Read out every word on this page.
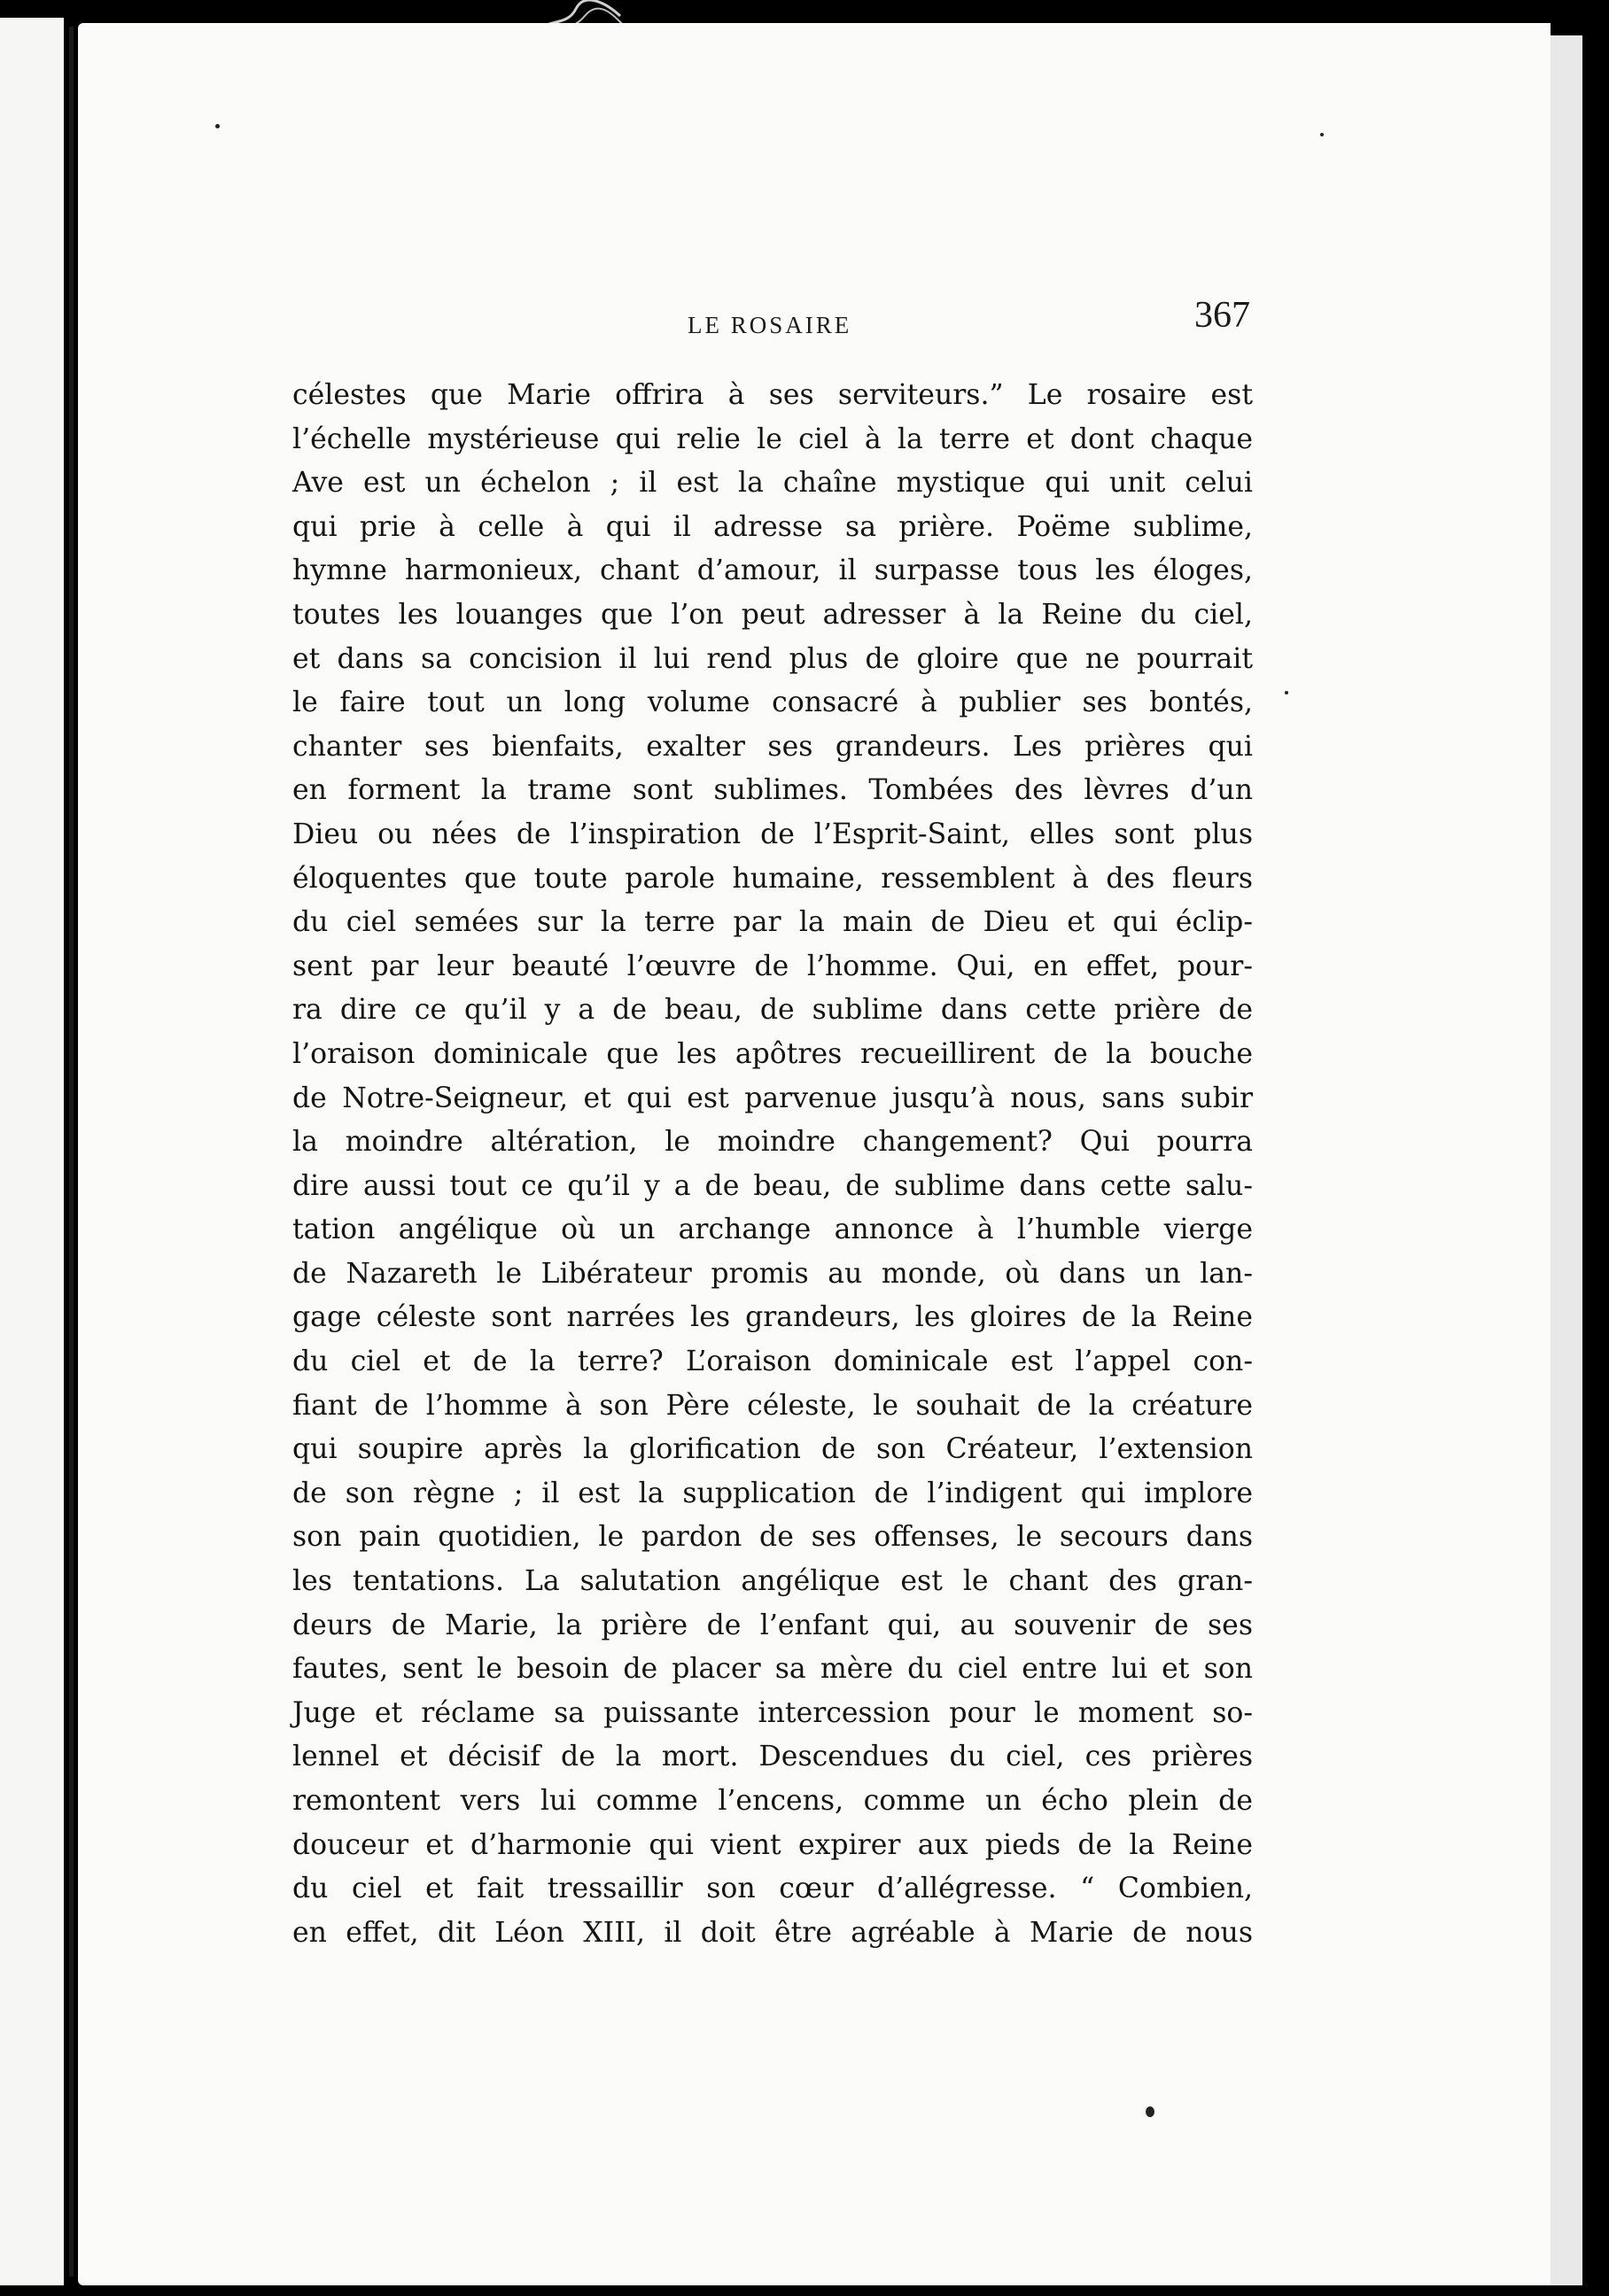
LE ROSAIRE	367
célestes que Marie offrira à ses serviteurs.” Le rosaire est
l’échelle mystérieuse qui relie le ciel à la terre et dont chaque
Ave est un échelon ; il est la chaîne mystique qui unit celui
qui prie à celle à qui il adresse sa prière. Poëme sublime,
hymne harmonieux, chant d’amour, il surpasse tous les éloges,
toutes les louanges que l’on peut adresser à la Reine du ciel,
et dans sa concision il lui rend plus de gloire que ne pourrait
le faire tout un long volume consacré à publier ses bontés,
chanter ses bienfaits, exalter ses grandeurs. Les prières qui
en forment la trame sont sublimes. Tombées des lèvres d’un
Dieu ou nées de l’inspiration de l’Esprit-Saint, elles sont plus
éloquentes que toute parole humaine, ressemblent à des fleurs
du ciel semées sur la terre par la main de Dieu et qui éclip-
sent par leur beauté l’œuvre de l’homme. Qui, en effet, pour-
ra dire ce qu’il y a de beau, de sublime dans cette prière de
l’oraison dominicale que les apôtres recueillirent de la bouche
de Notre-Seigneur, et qui est parvenue jusqu’à nous, sans subir
la moindre altération, le moindre changement? Qui pourra
dire aussi tout ce qu’il y a de beau, de sublime dans cette salu-
tation angélique où un archange annonce à l’humble vierge
de Nazareth le Libérateur promis au monde, où dans un lan-
gage céleste sont narrées les grandeurs, les gloires de la Reine
du ciel et de la terre? L’oraison dominicale est l’appel con-
fiant de l’homme à son Père céleste, le souhait de la créature
qui soupire après la glorification de son Créateur, l’extension
de son règne ; il est la supplication de l’indigent qui implore
son pain quotidien, le pardon de ses offenses, le secours dans
les tentations. La salutation angélique est le chant des gran-
deurs de Marie, la prière de l’enfant qui, au souvenir de ses
fautes, sent le besoin de placer sa mère du ciel entre lui et son
Juge et réclame sa puissante intercession pour le moment so-
lennel et décisif de la mort. Descendues du ciel, ces prières
remontent vers lui comme l’encens, comme un écho plein de
douceur et d’harmonie qui vient expirer aux pieds de la Reine
du ciel et fait tressaillir son cœur d’allégresse. “ Combien,
en effet, dit Léon XIII, il doit être agréable à Marie de nous
